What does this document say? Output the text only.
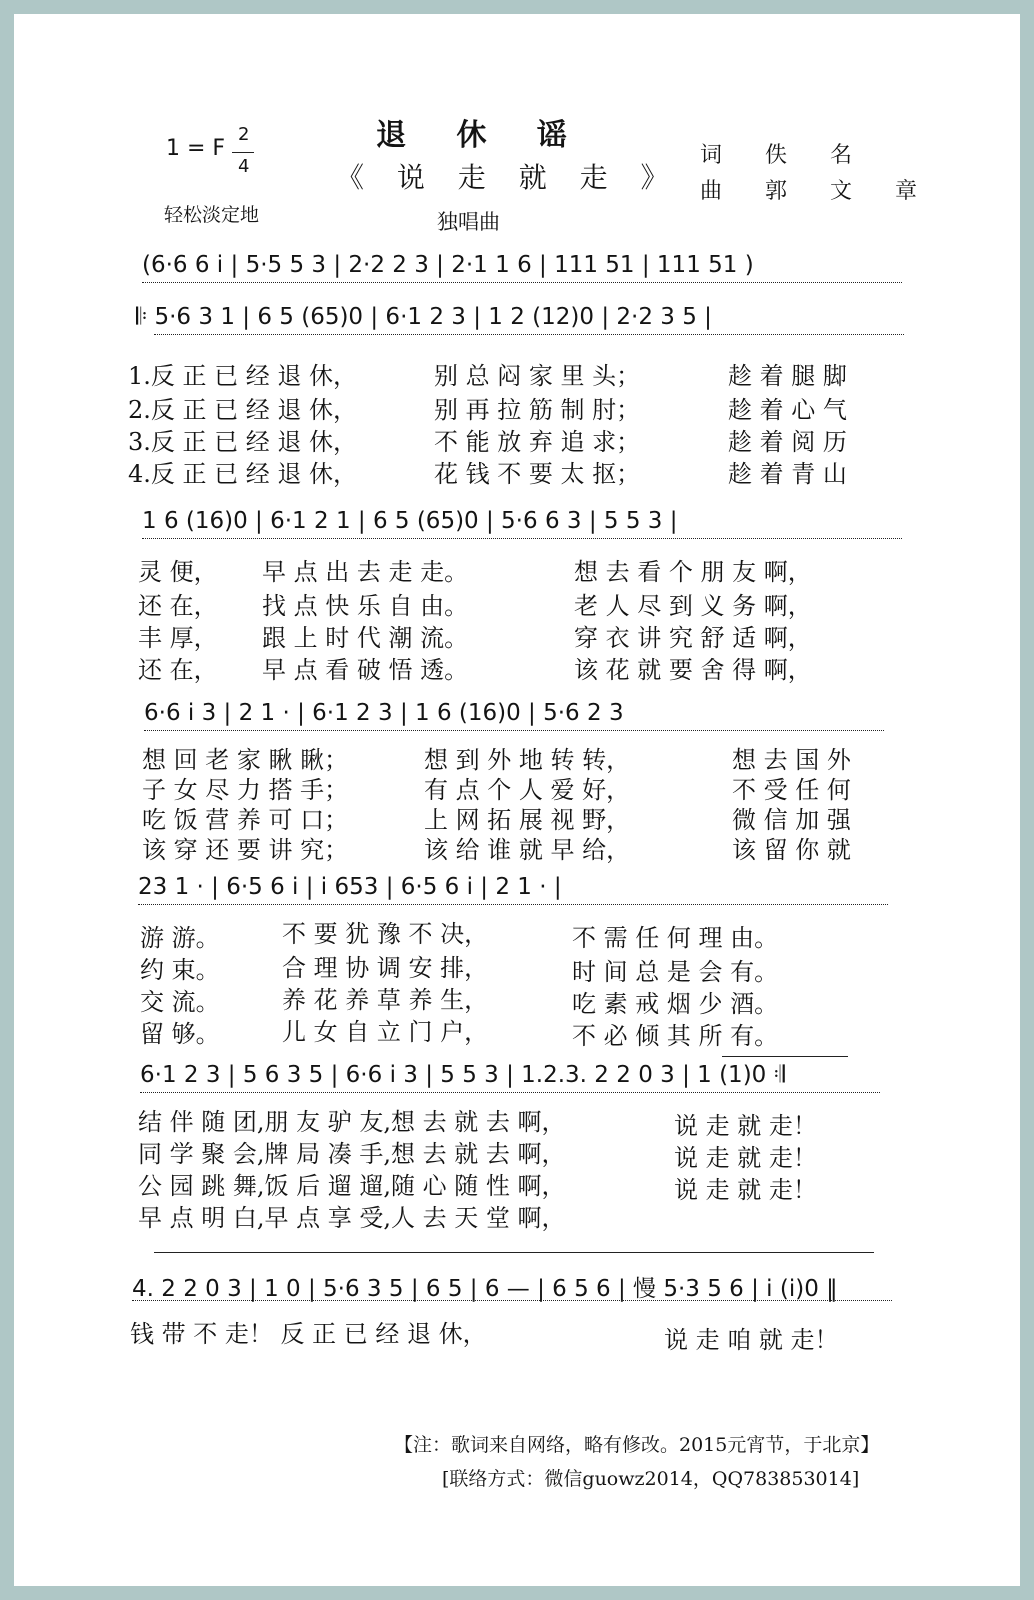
退 休 谣
《 说 走 就 走 》
1 = F
2
4
轻松淡定地	独唱曲
词 佚 名
曲 郭 文 章
(6·6 6 i | 5·5 5 3 | 2·2 2 3 | 2·1 1 6 | 111 51 | 111 51 )
𝄆 5·6 3 1 | 6 5 (65)0 | 6·1 2 3 | 1 2 (12)0 | 2·2 3 5 |
1.反 正 已 经 退 休，	别 总 闷 家 里 头；	趁 着 腿 脚
2.反 正 已 经 退 休，	别 再 拉 筋 制 肘；	趁 着 心 气
3.反 正 已 经 退 休，	不 能 放 弃 追 求；	趁 着 阅 历
4.反 正 已 经 退 休，	花 钱 不 要 太 抠；	趁 着 青 山
1 6 (16)0 | 6·1 2 1 | 6 5 (65)0 | 5·6 6 3 | 5 5 3 |
灵 便， 早 点 出 去 走 走。	想 去 看 个 朋 友 啊，
还 在， 找 点 快 乐 自 由。	老 人 尽 到 义 务 啊，
丰 厚， 跟 上 时 代 潮 流。	穿 衣 讲 究 舒 适 啊，
还 在， 早 点 看 破 悟 透。	该 花 就 要 舍 得 啊，
6·6 i 3 | 2 1 · | 6·1 2 3 | 1 6 (16)0 | 5·6 2 3
想 回 老 家 瞅 瞅；	想 到 外 地 转 转，	想 去 国 外
子 女 尽 力 搭 手；	有 点 个 人 爱 好，	不 受 任 何
吃 饭 营 养 可 口；	上 网 拓 展 视 野，	微 信 加 强
该 穿 还 要 讲 究；	该 给 谁 就 早 给，	该 留 你 就
23 1 · | 6·5 6 i | i 653 | 6·5 6 i | 2 1 · |
游 游。	不 要 犹 豫 不 决，	不 需 任 何 理 由。
约 束。	合 理 协 调 安 排，	时 间 总 是 会 有。
交 流。	养 花 养 草 养 生，	吃 素 戒 烟 少 酒。
留 够。	儿 女 自 立 门 户，	不 必 倾 其 所 有。
6·1 2 3 | 5 6 3 5 | 6·6 i 3 | 5 5 3 | 1.2.3. 2 2 0 3 | 1 (1)0 𝄇
结 伴 随 团,朋 友 驴 友,想 去 就 去 啊，	说 走 就 走！
同 学 聚 会,牌 局 凑 手,想 去 就 去 啊，	说 走 就 走！
公 园 跳 舞,饭 后 遛 遛,随 心 随 性 啊，	说 走 就 走！
早 点 明 白,早 点 享 受,人 去 天 堂 啊，
4. 2 2 0 3 | 1 0 | 5·6 3 5 | 6 5 | 6 — | 6 5 6 | 慢 5·3 5 6 | i (i)0 ‖
钱 带 不 走！ 反 正 已 经 退 休，	说 走 咱 就 走！
【注：歌词来自网络，略有修改。2015元宵节，于北京】
[联络方式：微信guowz2014，QQ783853014]
